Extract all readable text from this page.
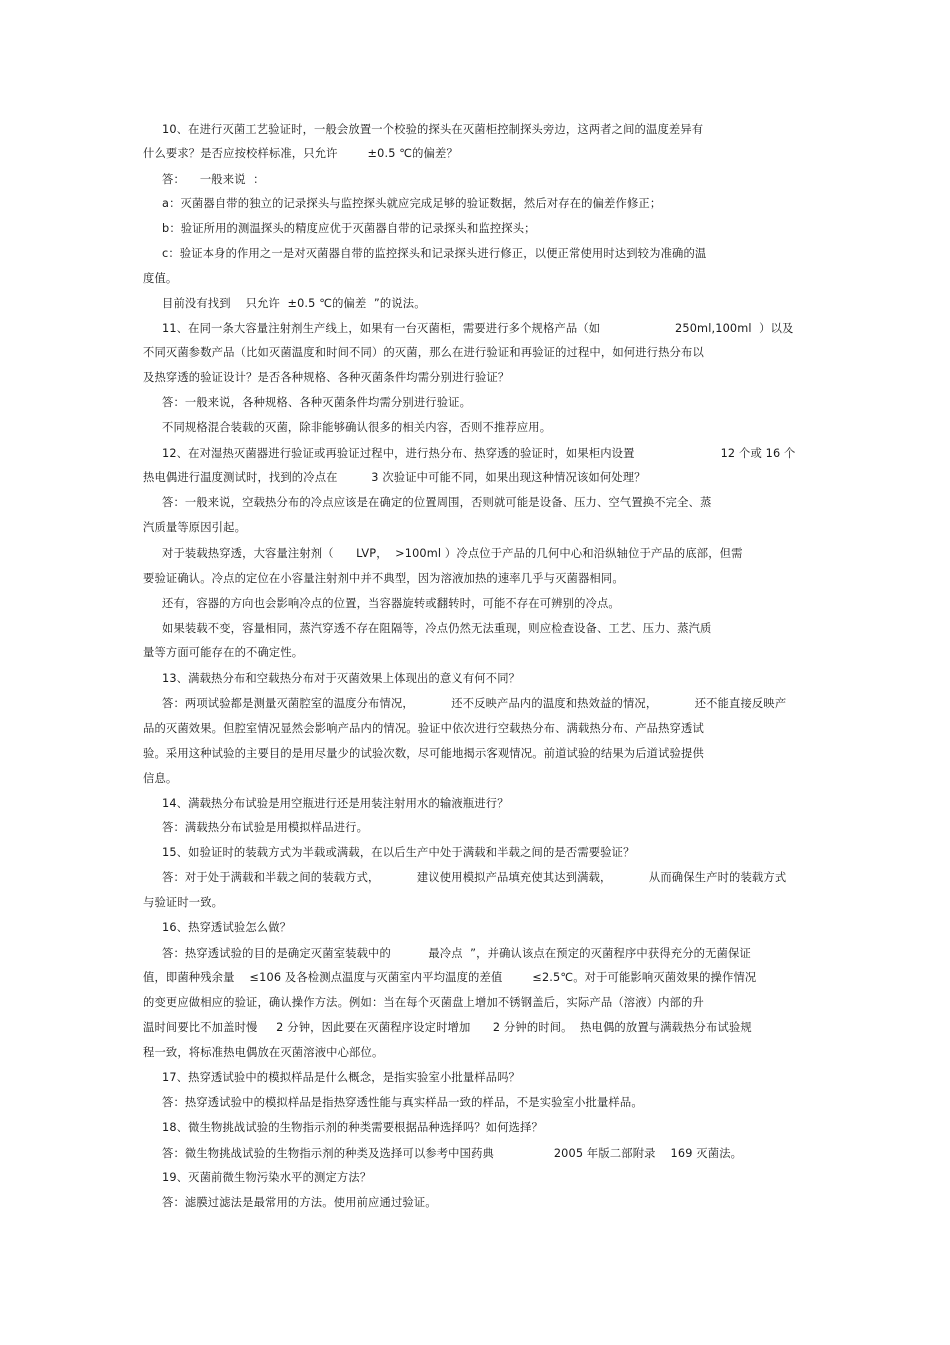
10、在进行灭菌工艺验证时，一般会放置一个校验的探头在灭菌柜控制探头旁边，这两者之间的温度差异有
什么要求？是否应按校样标准，只允许        ±0.5 ℃的偏差？
答：    一般来说  ：
a：灭菌器自带的独立的记录探头与监控探头就应完成足够的验证数据，然后对存在的偏差作修正；
b：验证所用的测温探头的精度应优于灭菌器自带的记录探头和监控探头；
c：验证本身的作用之一是对灭菌器自带的监控探头和记录探头进行修正，以便正常使用时达到较为准确的温
度值。
目前没有找到    只允许  ±0.5 ℃的偏差  ”的说法。
11、在同一条大容量注射剂生产线上，如果有一台灭菌柜，需要进行多个规格产品（如                    250ml,100ml  ）以及
不同灭菌参数产品（比如灭菌温度和时间不同）的灭菌，那么在进行验证和再验证的过程中，如何进行热分布以
及热穿透的验证设计？是否各种规格、各种灭菌条件均需分别进行验证？
答：一般来说，各种规格、各种灭菌条件均需分别进行验证。
不同规格混合装载的灭菌，除非能够确认很多的相关内容，否则不推荐应用。
12、在对湿热灭菌器进行验证或再验证过程中，进行热分布、热穿透的验证时，如果柜内设置                       12 个或 16 个
热电偶进行温度测试时，找到的冷点在         3 次验证中可能不同，如果出现这种情况该如何处理？
答：一般来说，空载热分布的冷点应该是在确定的位置周围，否则就可能是设备、压力、空气置换不完全、蒸
汽质量等原因引起。
对于装载热穿透，大容量注射剂（      LVP，  >100ml ）冷点位于产品的几何中心和沿纵轴位于产品的底部，但需
要验证确认。冷点的定位在小容量注射剂中并不典型，因为溶液加热的速率几乎与灭菌器相同。
还有，容器的方向也会影响冷点的位置，当容器旋转或翻转时，可能不存在可辨别的冷点。
如果装载不变，容量相同，蒸汽穿透不存在阻隔等，冷点仍然无法重现，则应检查设备、工艺、压力、蒸汽质
量等方面可能存在的不确定性。
13、满载热分布和空载热分布对于灭菌效果上体现出的意义有何不同？
答：两项试验都是测量灭菌腔室的温度分布情况，          还不反映产品内的温度和热效益的情况，          还不能直接反映产
品的灭菌效果。但腔室情况显然会影响产品内的情况。验证中依次进行空载热分布、满载热分布、产品热穿透试
验。采用这种试验的主要目的是用尽量少的试验次数，尽可能地揭示客观情况。前道试验的结果为后道试验提供
信息。
14、满载热分布试验是用空瓶进行还是用装注射用水的输液瓶进行？
答：满载热分布试验是用模拟样品进行。
15、如验证时的装载方式为半载或满载，在以后生产中处于满载和半载之间的是否需要验证？
答：对于处于满载和半载之间的装载方式，          建议使用模拟产品填充使其达到满载，          从而确保生产时的装载方式
与验证时一致。
16、热穿透试验怎么做？
答：热穿透试验的目的是确定灭菌室装载中的          最冷点  ”，并确认该点在预定的灭菌程序中获得充分的无菌保证
值，即菌种残余量    ≤106 及各检测点温度与灭菌室内平均温度的差值        ≤2.5℃。对于可能影响灭菌效果的操作情况
的变更应做相应的验证，确认操作方法。例如：当在每个灭菌盘上增加不锈钢盖后，实际产品（溶液）内部的升
温时间要比不加盖时慢     2 分钟，因此要在灭菌程序设定时增加      2 分钟的时间。  热电偶的放置与满载热分布试验规
程一致，将标准热电偶放在灭菌溶液中心部位。
17、热穿透试验中的模拟样品是什么概念，是指实验室小批量样品吗？
答：热穿透试验中的模拟样品是指热穿透性能与真实样品一致的样品，不是实验室小批量样品。
18、微生物挑战试验的生物指示剂的种类需要根据品种选择吗？如何选择？
答：微生物挑战试验的生物指示剂的种类及选择可以参考中国药典                2005 年版二部附录    169 灭菌法。
19、灭菌前微生物污染水平的测定方法？
答：滤膜过滤法是最常用的方法。使用前应通过验证。
